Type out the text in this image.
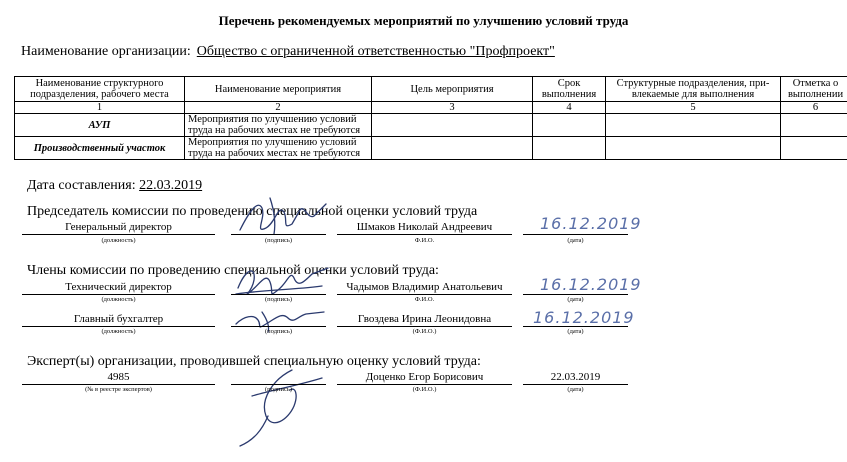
Перечень рекомендуемых мероприятий по улучшению условий труда
Наименование организации: Общество с ограниченной ответственностью "Профпроект"
Наименование структурного подразделения, рабочего места	Наименование мероприятия	Цель мероприятия	Срок выполнения	Структурные подразделения, при-влекаемые для выполнения	Отметка о выполнении
1	2	3	4	5	6
АУП	Мероприятия по улучшению условий труда на рабочих местах не требуются				
Производственный участок	Мероприятия по улучшению условий труда на рабочих местах не требуются				
Дата составления: 22.03.2019
Председатель комиссии по проведению специальной оценки условий труда
Генеральный директор
(должность)	(подпись)
Шмаков Николай Андреевич
Ф.И.О.
16.12.2019
(дата)
Члены комиссии по проведению специальной оценки условий труда:
Технический директор
(должность)	(подпись)
Чадымов Владимир Анатольевич
Ф.И.О.
16.12.2019
(дата)
Главный бухгалтер
(должность)	(подпись)
Гвоздева Ирина Леонидовна
(Ф.И.О.)
16.12.2019
(дата)
Эксперт(ы) организации, проводившей специальную оценку условий труда:
4985
(№ в реестре экспертов)	(подпись)
Доценко Егор Борисович
(Ф.И.О.)
22.03.2019
(дата)
